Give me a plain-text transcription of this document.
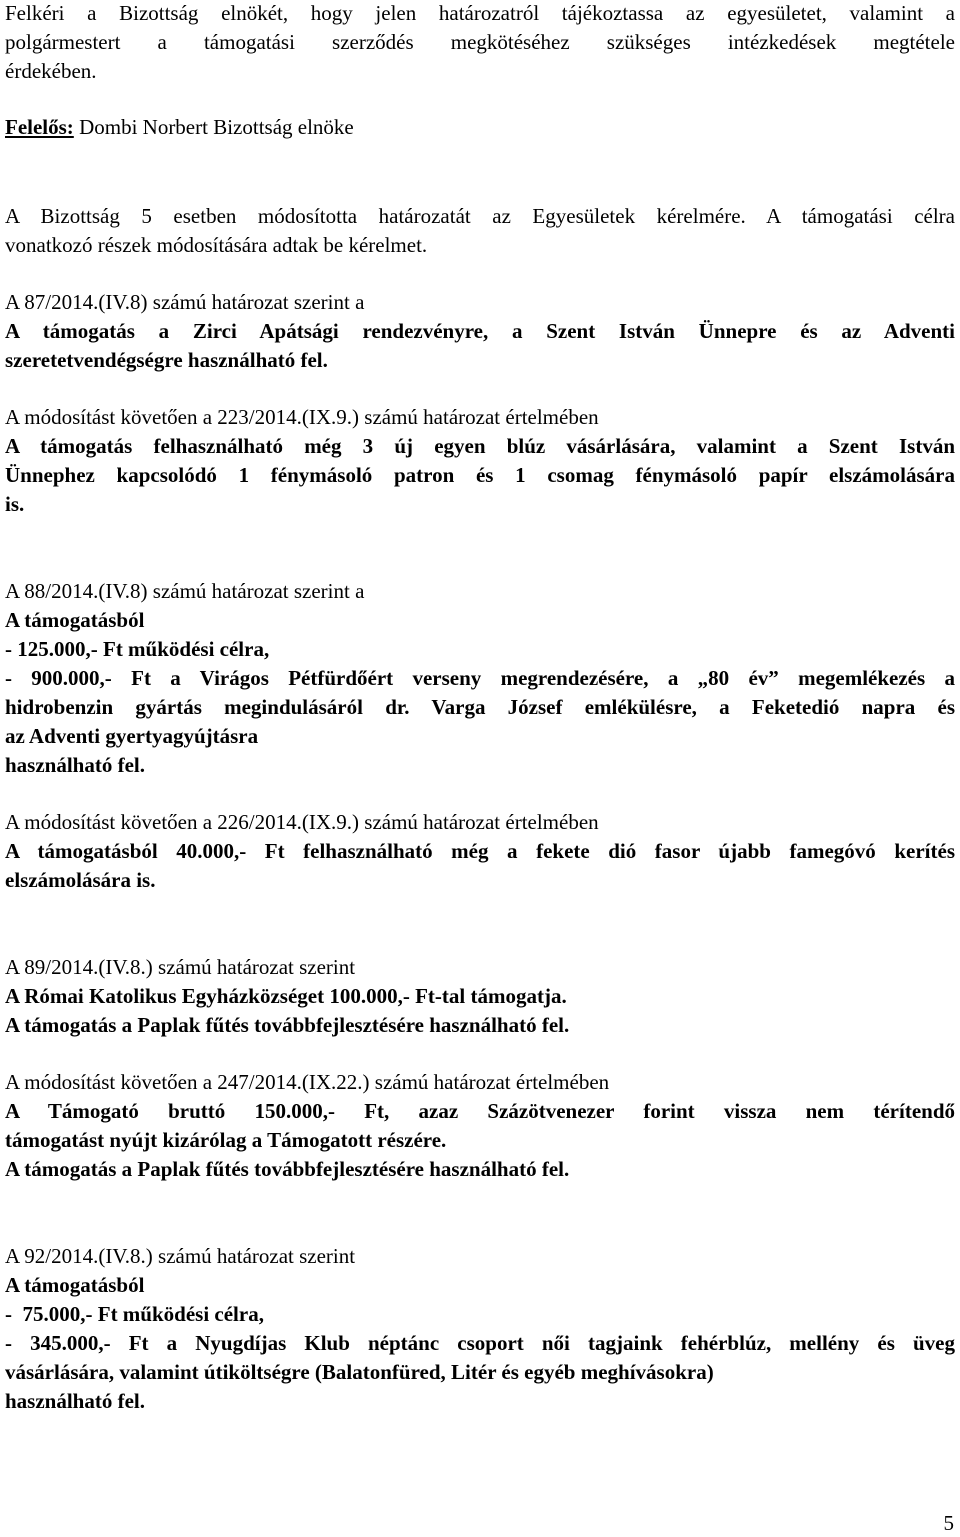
Felkéri a Bizottság elnökét, hogy jelen határozatról tájékoztassa az egyesületet, valamint a
polgármestert a támogatási szerződés megkötéséhez szükséges intézkedések megtétele
érdekében.
Felelős: Dombi Norbert Bizottság elnöke
A Bizottság 5 esetben módosította határozatát az Egyesületek kérelmére. A támogatási célra
vonatkozó részek módosítására adtak be kérelmet.
A 87/2014.(IV.8) számú határozat szerint a
A támogatás a Zirci Apátsági rendezvényre, a Szent István Ünnepre és az Adventi
szeretetvendégségre használható fel.
A módosítást követően a 223/2014.(IX.9.) számú határozat értelmében
A támogatás felhasználható még 3 új egyen blúz vásárlására, valamint a Szent István
Ünnephez kapcsolódó 1 fénymásoló patron és 1 csomag fénymásoló papír elszámolására
is.
A 88/2014.(IV.8) számú határozat szerint a
A támogatásból
- 125.000,- Ft működési célra,
- 900.000,- Ft a Virágos Pétfürdőért verseny megrendezésére, a „80 év” megemlékezés a
hidrobenzin gyártás megindulásáról dr. Varga József emlékülésre, a Feketedió napra és
az Adventi gyertyagyújtásra
használható fel.
A módosítást követően a 226/2014.(IX.9.) számú határozat értelmében
A támogatásból 40.000,- Ft felhasználható még a fekete dió fasor újabb famegóvó kerítés
elszámolására is.
A 89/2014.(IV.8.) számú határozat szerint
A Római Katolikus Egyházközséget 100.000,- Ft-tal támogatja.
A támogatás a Paplak fűtés továbbfejlesztésére használható fel.
A módosítást követően a 247/2014.(IX.22.) számú határozat értelmében
A Támogató bruttó 150.000,- Ft, azaz Százötvenezer forint vissza nem térítendő
támogatást nyújt kizárólag a Támogatott részére.
A támogatás a Paplak fűtés továbbfejlesztésére használható fel.
A 92/2014.(IV.8.) számú határozat szerint
A támogatásból
-  75.000,- Ft működési célra,
- 345.000,- Ft a Nyugdíjas Klub néptánc csoport női tagjaink fehérblúz, mellény és üveg
vásárlására, valamint útiköltségre (Balatonfüred, Litér és egyéb meghívásokra)
használható fel.
5
